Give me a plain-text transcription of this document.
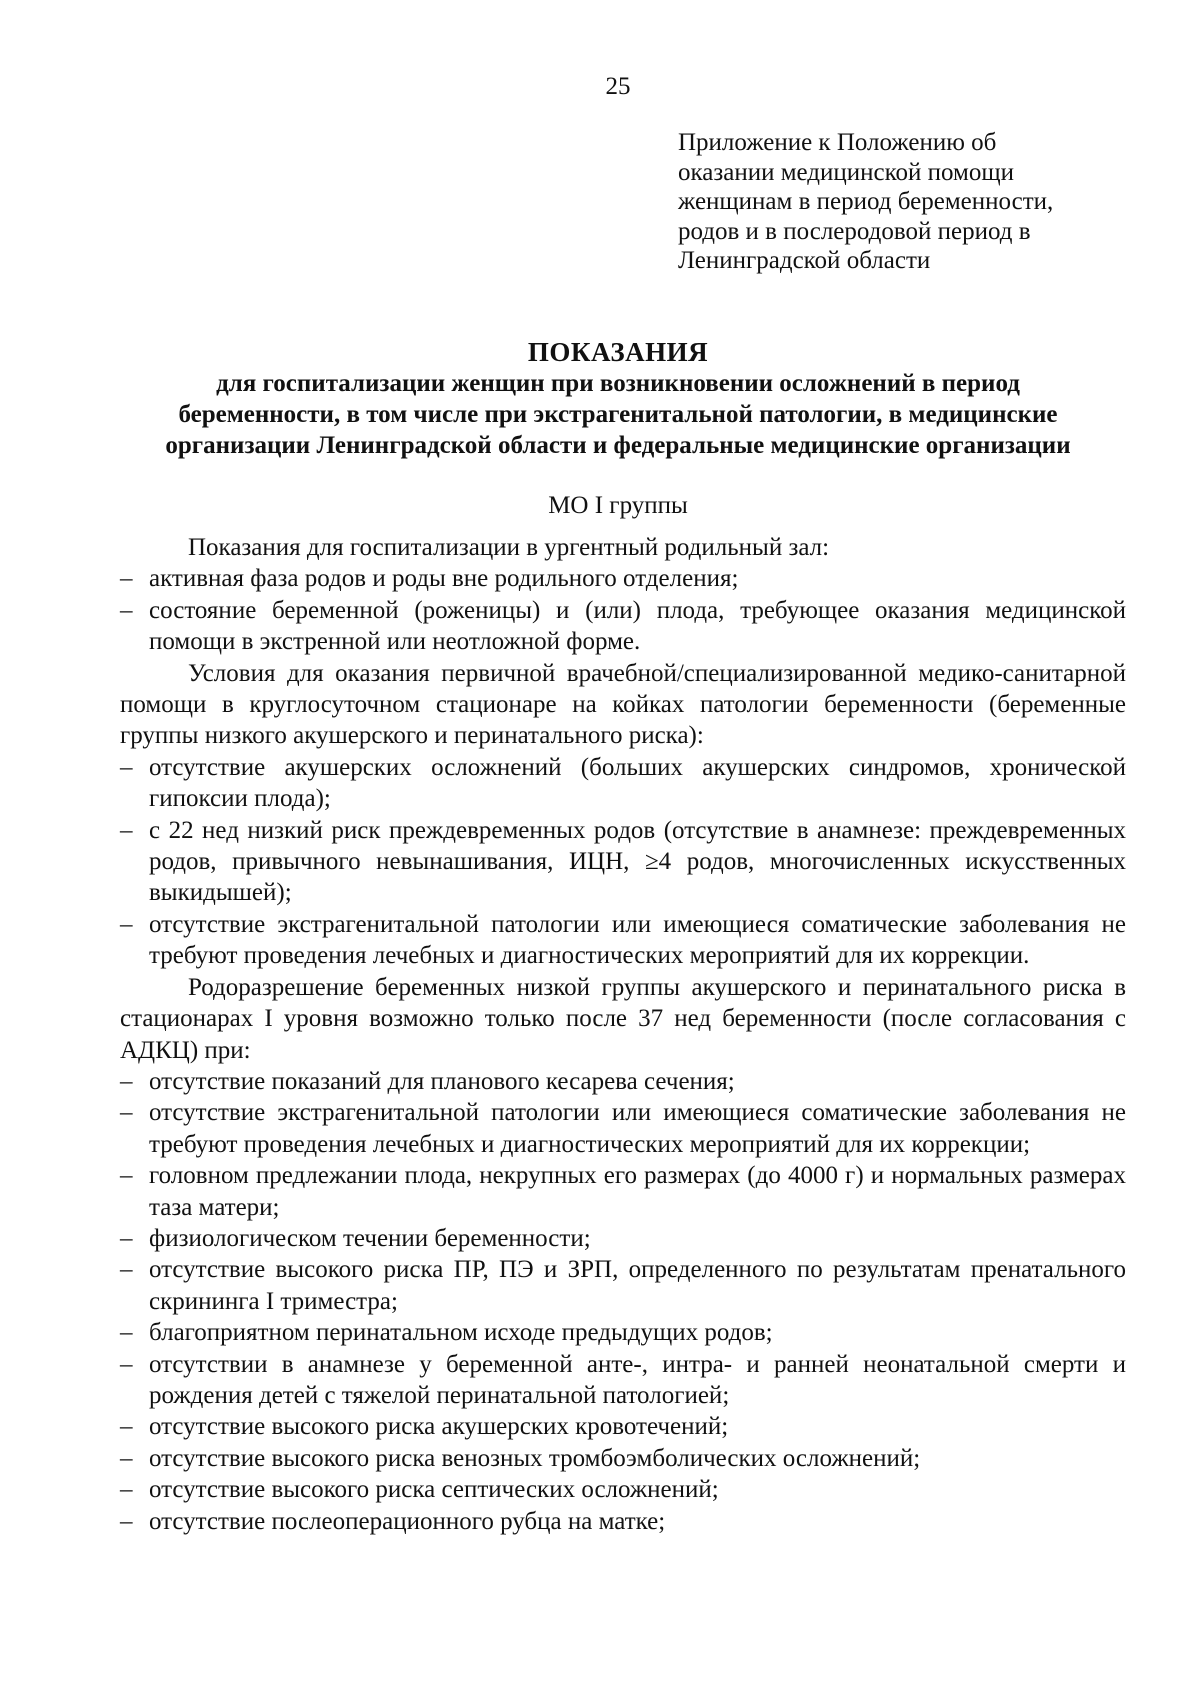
25
Приложение к Положению об
оказании медицинской помощи
женщинам в период беременности,
родов и в послеродовой период в
Ленинградской области
ПОКАЗАНИЯ
для госпитализации женщин при возникновении осложнений в период
беременности, в том числе при экстрагенитальной патологии, в медицинские
организации Ленинградской области и федеральные медицинские организации
МО I группы

Показания для госпитализации в ургентный родильный зал:

– активная фаза родов и роды вне родильного отделения;
– состояние беременной (роженицы) и (или) плода, требующее оказания медицинской помощи в экстренной или неотложной форме.

Условия для оказания первичной врачебной/специализированной медико-санитарной помощи в круглосуточном стационаре на койках патологии беременности (беременные группы низкого акушерского и перинатального риска):

– отсутствие акушерских осложнений (больших акушерских синдромов, хронической гипоксии плода);
– с 22 нед низкий риск преждевременных родов (отсутствие в анамнезе: преждевременных родов, привычного невынашивания, ИЦН, ≥4 родов, многочисленных искусственных выкидышей);
– отсутствие экстрагенитальной патологии или имеющиеся соматические заболевания не требуют проведения лечебных и диагностических мероприятий для их коррекции.

Родоразрешение беременных низкой группы акушерского и перинатального риска в стационарах I уровня возможно только после 37 нед беременности (после согласования с АДКЦ) при:

– отсутствие показаний для планового кесарева сечения;
– отсутствие экстрагенитальной патологии или имеющиеся соматические заболевания не требуют проведения лечебных и диагностических мероприятий для их коррекции;
– головном предлежании плода, некрупных его размерах (до 4000 г) и нормальных размерах таза матери;
– физиологическом течении беременности;
– отсутствие высокого риска ПР, ПЭ и ЗРП, определенного по результатам пренатального скрининга I триместра;
– благоприятном перинатальном исходе предыдущих родов;
– отсутствии в анамнезе у беременной анте-, интра- и ранней неонатальной смерти и рождения детей с тяжелой перинатальной патологией;
– отсутствие высокого риска акушерских кровотечений;
– отсутствие высокого риска венозных тромбоэмболических осложнений;
– отсутствие высокого риска септических осложнений;
– отсутствие послеоперационного рубца на матке;
